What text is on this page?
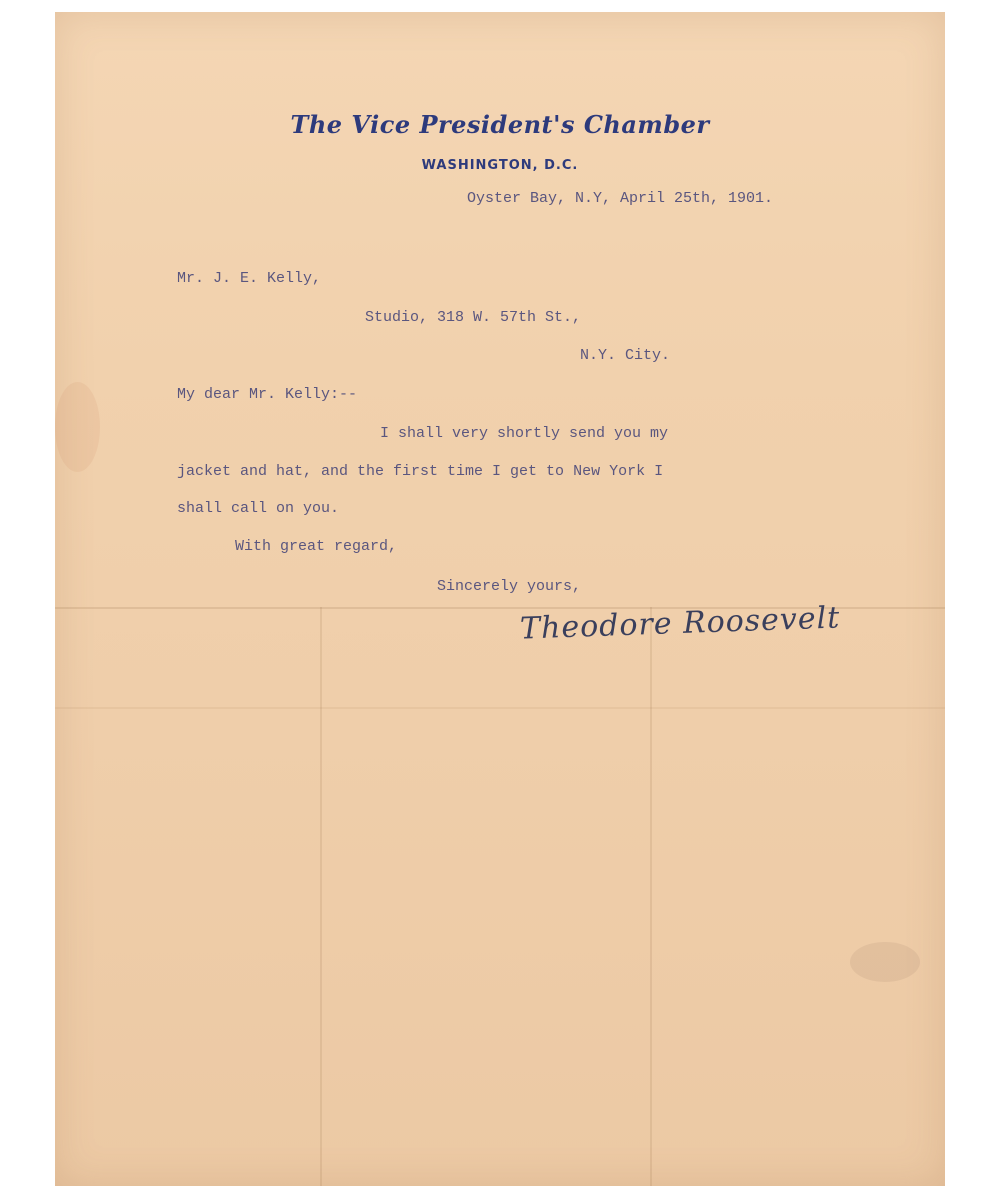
The Vice President's Chamber
WASHINGTON, D.C.
Oyster Bay, N.Y, April 25th, 1901.
Mr. J. E. Kelly,
Studio, 318 W. 57th St.,
N.Y. City.
My dear Mr. Kelly:--
I shall very shortly send you my
jacket and hat, and the first time I get to New York I
shall call on you.
With great regard,
Sincerely yours,
Theodore Roosevelt
